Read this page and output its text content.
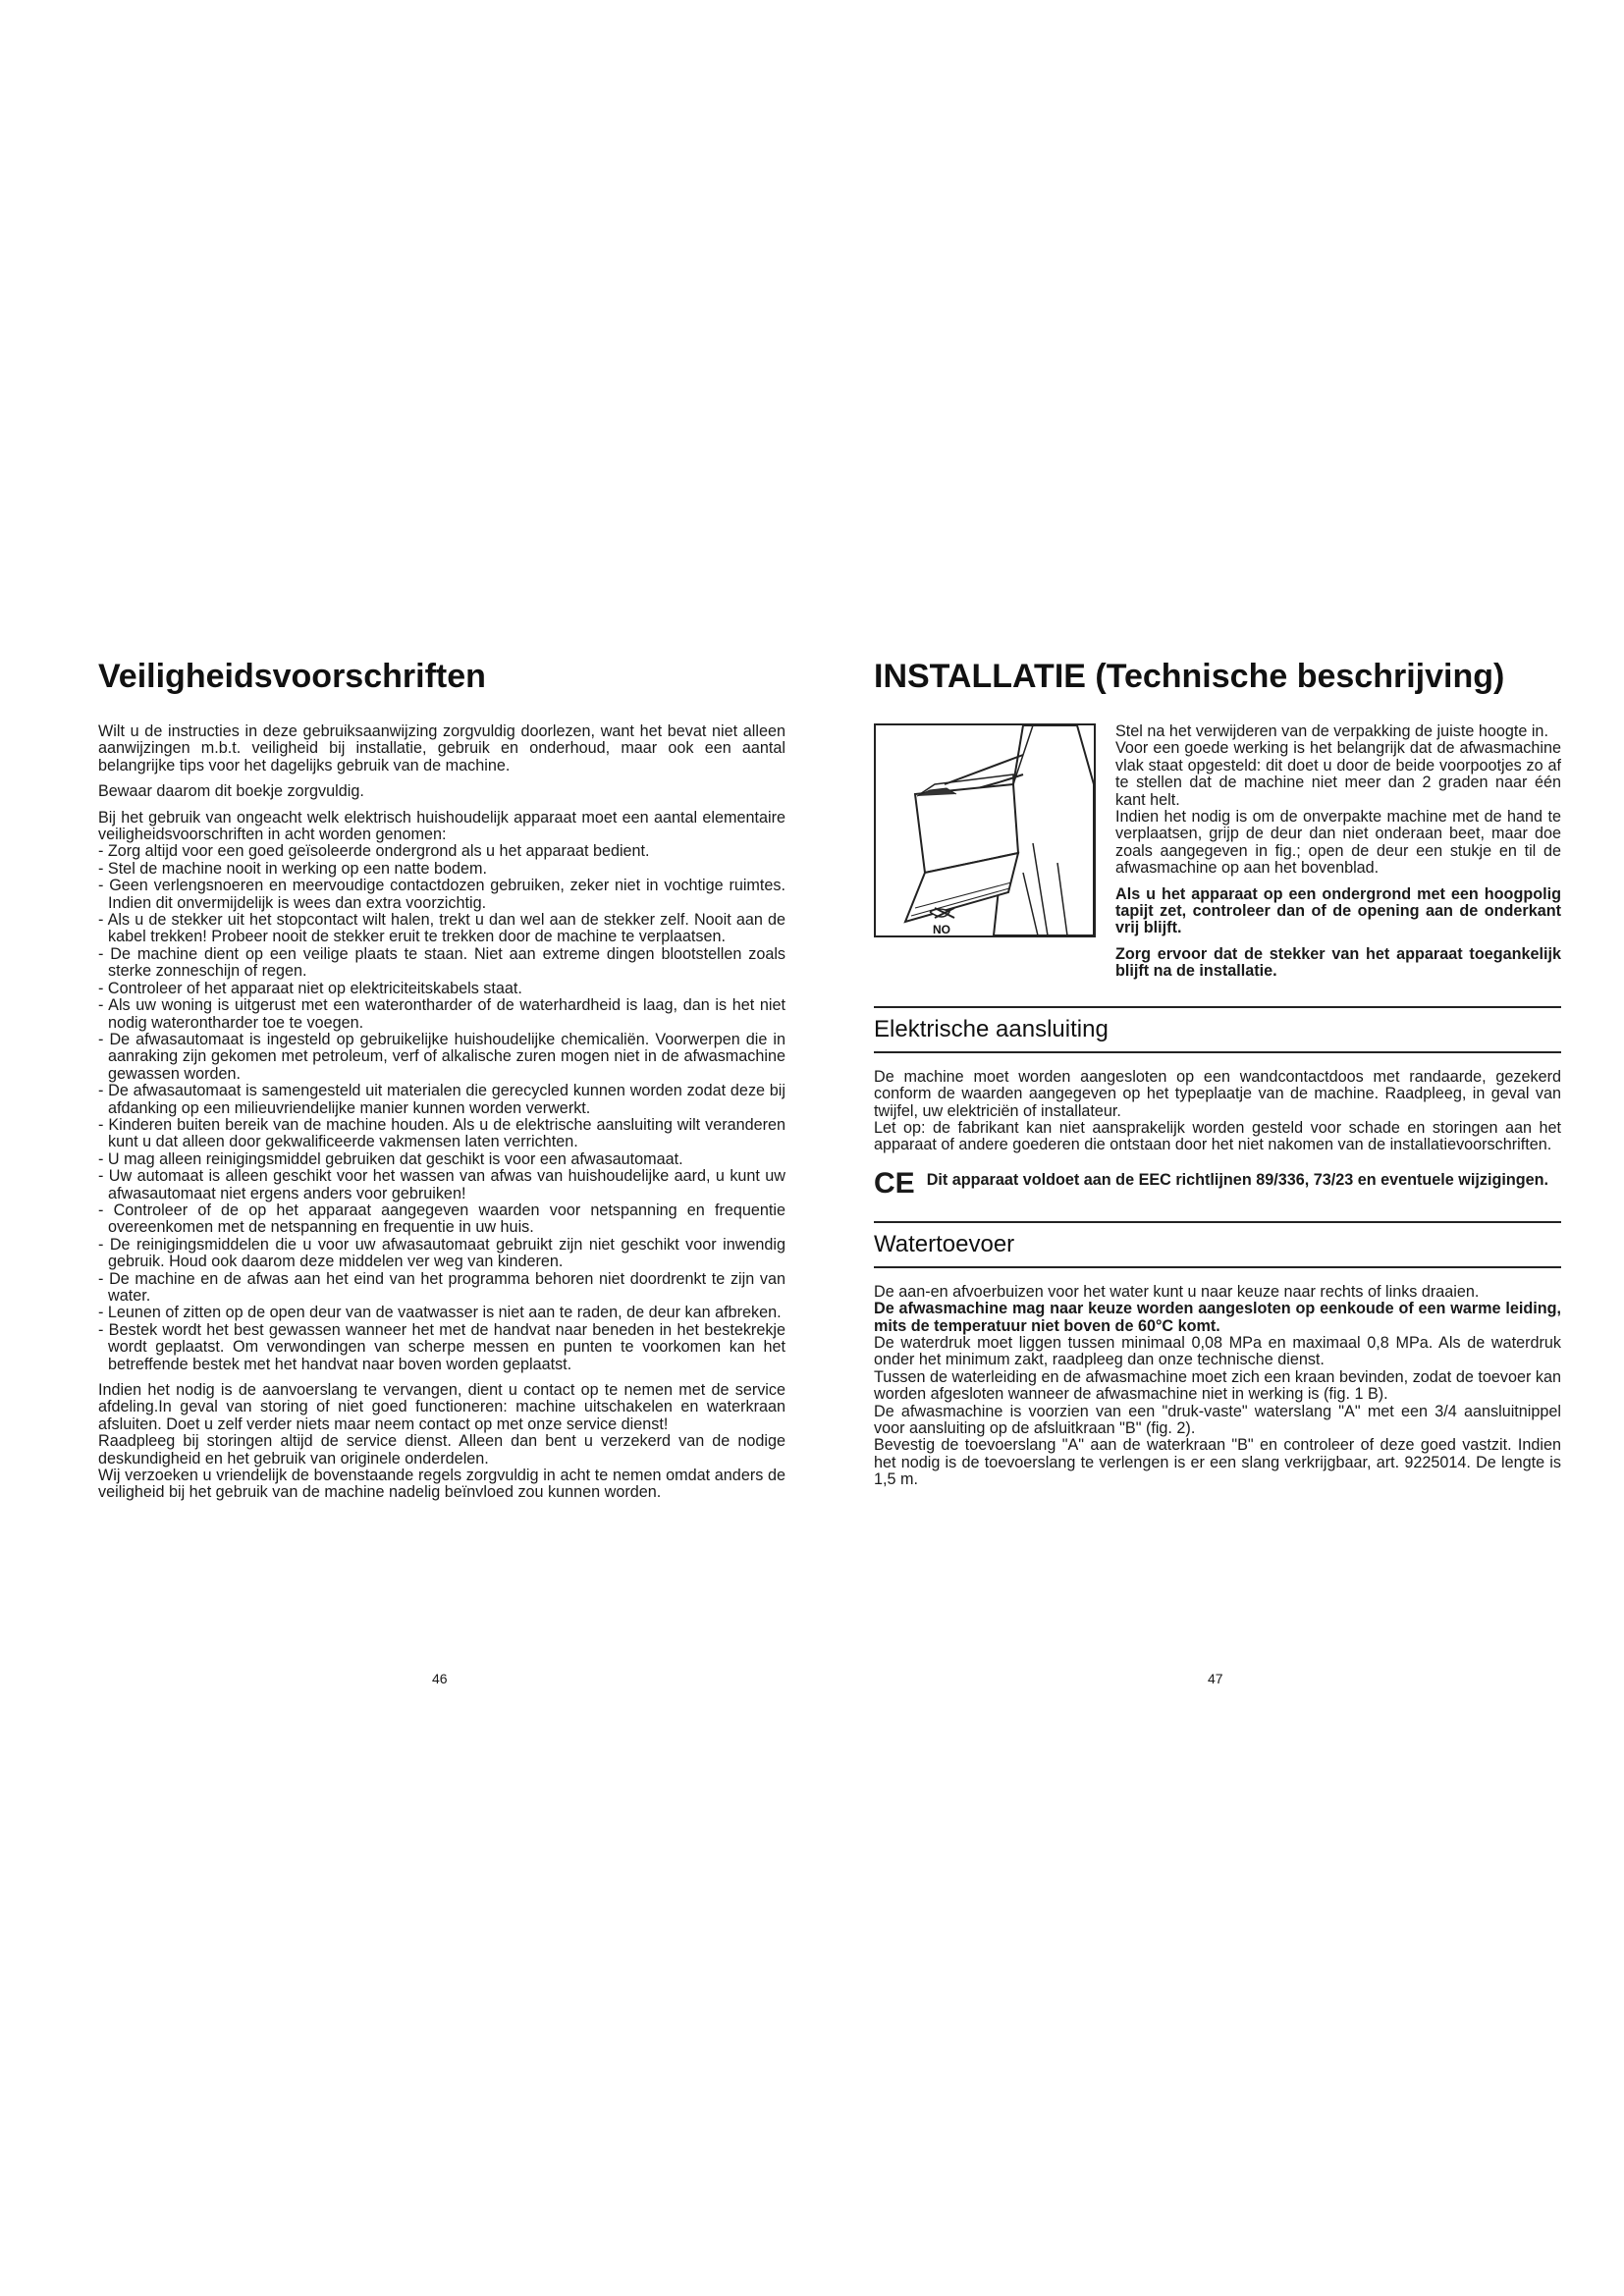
Veiligheidsvoorschriften

Wilt u de instructies in deze gebruiksaanwijzing zorgvuldig doorlezen, want het bevat niet alleen aanwijzingen m.b.t. veiligheid bij installatie, gebruik en onderhoud, maar ook een aantal belangrijke tips voor het dagelijks gebruik van de machine.

Bewaar daarom dit boekje zorgvuldig.

Bij het gebruik van ongeacht welk elektrisch huishoudelijk apparaat moet een aantal elementaire veiligheidsvoorschriften in acht worden genomen:

- Zorg altijd voor een goed geïsoleerde ondergrond als u het apparaat bedient.
- Stel de machine nooit in werking op een natte bodem.
- Geen verlengsnoeren en meervoudige contactdozen gebruiken, zeker niet in vochtige ruimtes. Indien dit onvermijdelijk is wees dan extra voorzichtig.
- Als u de stekker uit het stopcontact wilt halen, trekt u dan wel aan de stekker zelf. Nooit aan de kabel trekken! Probeer nooit de stekker eruit te trekken door de machine te verplaatsen.
- De machine dient op een veilige plaats te staan. Niet aan extreme dingen blootstellen zoals sterke zonneschijn of regen.
- Controleer of het apparaat niet op elektriciteitskabels staat.
- Als uw woning is uitgerust met een waterontharder of de waterhardheid is laag, dan is het niet nodig waterontharder toe te voegen.
- De afwasautomaat is ingesteld op gebruikelijke huishoudelijke chemicaliën. Voorwerpen die in aanraking zijn gekomen met petroleum, verf of alkalische zuren mogen niet in de afwasmachine gewassen worden.
- De afwasautomaat is samengesteld uit materialen die gerecycled kunnen worden zodat deze bij afdanking op een milieuvriendelijke manier kunnen worden verwerkt.
- Kinderen buiten bereik van de machine houden. Als u de elektrische aansluiting wilt veranderen kunt u dat alleen door gekwalificeerde vakmensen laten verrichten.
- U mag alleen reinigingsmiddel gebruiken dat geschikt is voor een afwasautomaat.
- Uw automaat is alleen geschikt voor het wassen van afwas van huishoudelijke aard, u kunt uw afwasautomaat niet ergens anders voor gebruiken!
- Controleer of de op het apparaat aangegeven waarden voor netspanning en frequentie overeenkomen met de netspanning en frequentie in uw huis.
- De reinigingsmiddelen die u voor uw afwasautomaat gebruikt zijn niet geschikt voor inwendig gebruik. Houd ook daarom deze middelen ver weg van kinderen.
- De machine en de afwas aan het eind van het programma behoren niet doordrenkt te zijn van water.
- Leunen of zitten op de open deur van de vaatwasser is niet aan te raden, de deur kan afbreken.
- Bestek wordt het best gewassen wanneer het met de handvat naar beneden in het bestekrekje wordt geplaatst. Om verwondingen van scherpe messen en punten te voorkomen kan het betreffende bestek met het handvat naar boven worden geplaatst.

Indien het nodig is de aanvoerslang te vervangen, dient u contact op te nemen met de service afdeling.In geval van storing of niet goed functioneren: machine uitschakelen en waterkraan afsluiten. Doet u zelf verder niets maar neem contact op met onze service dienst!

Raadpleeg bij storingen altijd de service dienst. Alleen dan bent u verzekerd van de nodige deskundigheid en het gebruik van originele onderdelen.

Wij verzoeken u vriendelijk de bovenstaande regels zorgvuldig in acht te nemen omdat anders de veiligheid bij het gebruik van de machine nadelig beïnvloed zou kunnen worden.

INSTALLATIE (Technische beschrijving)
NO

Stel na het verwijderen van de verpakking de juiste hoogte in.

Voor een goede werking is het belangrijk dat de afwasmachine vlak staat opgesteld: dit doet u door de beide voorpootjes zo af te stellen dat de machine niet meer dan 2 graden naar één kant helt.

Indien het nodig is om de onverpakte machine met de hand te verplaatsen, grijp de deur dan niet onderaan beet, maar doe zoals aangegeven in fig.; open de deur een stukje en til de afwasmachine op aan het bovenblad.

Als u het apparaat op een ondergrond met een hoogpolig tapijt zet, controleer dan of de opening aan de onderkant vrij blijft.

Zorg ervoor dat de stekker van het apparaat toegankelijk blijft na de installatie.

Elektrische aansluiting

De machine moet worden aangesloten op een wandcontactdoos met randaarde, gezekerd conform de waarden aangegeven op het typeplaatje van de machine. Raadpleeg, in geval van twijfel, uw elektriciën of installateur.

Let op: de fabrikant kan niet aansprakelijk worden gesteld voor schade en storingen aan het apparaat of andere goederen die ontstaan door het niet nakomen van de installatievoorschriften.

CE Dit apparaat voldoet aan de EEC richtlijnen 89/336, 73/23 en eventuele wijzigingen.

Watertoevoer

De aan-en afvoerbuizen voor het water kunt u naar keuze naar rechts of links draaien.

De afwasmachine mag naar keuze worden aangesloten op eenkoude of een warme leiding, mits de temperatuur niet boven de 60°C komt.

De waterdruk moet liggen tussen minimaal 0,08 MPa en maximaal 0,8 MPa. Als de waterdruk onder het minimum zakt, raadpleeg dan onze technische dienst.

Tussen de waterleiding en de afwasmachine moet zich een kraan bevinden, zodat de toevoer kan worden afgesloten wanneer de afwasmachine niet in werking is (fig. 1 B).

De afwasmachine is voorzien van een "druk-vaste" waterslang "A" met een 3/4 aansluitnippel voor aansluiting op de afsluitkraan "B" (fig. 2).

Bevestig de toevoerslang "A" aan de waterkraan "B" en controleer of deze goed vastzit. Indien het nodig is de toevoerslang te verlengen is er een slang verkrijgbaar, art. 9225014. De lengte is 1,5 m.

46	47
